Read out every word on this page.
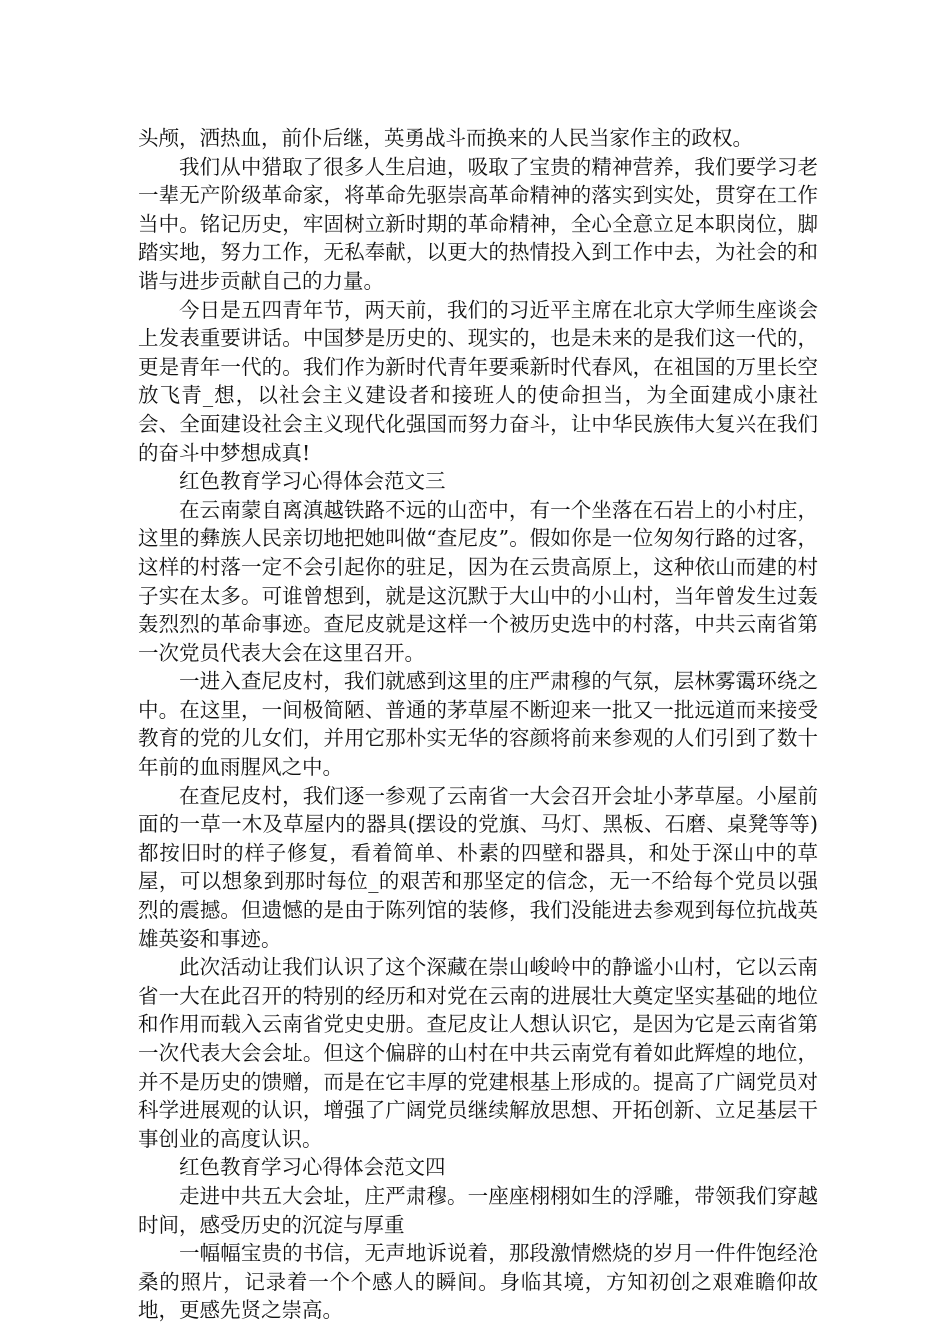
头颅，洒热血，前仆后继，英勇战斗而换来的人民当家作主的政权。

我们从中猎取了很多人生启迪，吸取了宝贵的精神营养，我们要学习老一辈无产阶级革命家，将革命先驱崇高革命精神的落实到实处，贯穿在工作当中。铭记历史，牢固树立新时期的革命精神，全心全意立足本职岗位，脚踏实地，努力工作，无私奉献，以更大的热情投入到工作中去，为社会的和谐与进步贡献自己的力量。

今日是五四青年节，两天前，我们的习近平主席在北京大学师生座谈会上发表重要讲话。中国梦是历史的、现实的，也是未来的是我们这一代的，更是青年一代的。我们作为新时代青年要乘新时代春风，在祖国的万里长空放飞青_想，以社会主义建设者和接班人的使命担当，为全面建成小康社会、全面建设社会主义现代化强国而努力奋斗，让中华民族伟大复兴在我们的奋斗中梦想成真!

红色教育学习心得体会范文三

在云南蒙自离滇越铁路不远的山峦中，有一个坐落在石岩上的小村庄，这里的彝族人民亲切地把她叫做“查尼皮”。假如你是一位匆匆行路的过客，这样的村落一定不会引起你的驻足，因为在云贵高原上，这种依山而建的村子实在太多。可谁曾想到，就是这沉默于大山中的小山村，当年曾发生过轰轰烈烈的革命事迹。查尼皮就是这样一个被历史选中的村落，中共云南省第一次党员代表大会在这里召开。

一进入查尼皮村，我们就感到这里的庄严肃穆的气氛，层林雾霭环绕之中。在这里，一间极简陋、普通的茅草屋不断迎来一批又一批远道而来接受教育的党的儿女们，并用它那朴实无华的容颜将前来参观的人们引到了数十年前的血雨腥风之中。

在查尼皮村，我们逐一参观了云南省一大会召开会址小茅草屋。小屋前面的一草一木及草屋内的器具(摆设的党旗、马灯、黑板、石磨、桌凳等等)都按旧时的样子修复，看着简单、朴素的四壁和器具，和处于深山中的草屋，可以想象到那时每位_的艰苦和那坚定的信念，无一不给每个党员以强烈的震撼。但遗憾的是由于陈列馆的装修，我们没能进去参观到每位抗战英雄英姿和事迹。

此次活动让我们认识了这个深藏在崇山峻岭中的静谧小山村，它以云南省一大在此召开的特别的经历和对党在云南的进展壮大奠定坚实基础的地位和作用而载入云南省党史史册。查尼皮让人想认识它，是因为它是云南省第一次代表大会会址。但这个偏辟的山村在中共云南党有着如此辉煌的地位，并不是历史的馈赠，而是在它丰厚的党建根基上形成的。提高了广阔党员对科学进展观的认识，增强了广阔党员继续解放思想、开拓创新、立足基层干事创业的高度认识。

红色教育学习心得体会范文四

走进中共五大会址，庄严肃穆。一座座栩栩如生的浮雕，带领我们穿越时间，感受历史的沉淀与厚重

一幅幅宝贵的书信，无声地诉说着，那段激情燃烧的岁月一件件饱经沧桑的照片，记录着一个个感人的瞬间。身临其境，方知初创之艰难瞻仰故地，更感先贤之崇高。
